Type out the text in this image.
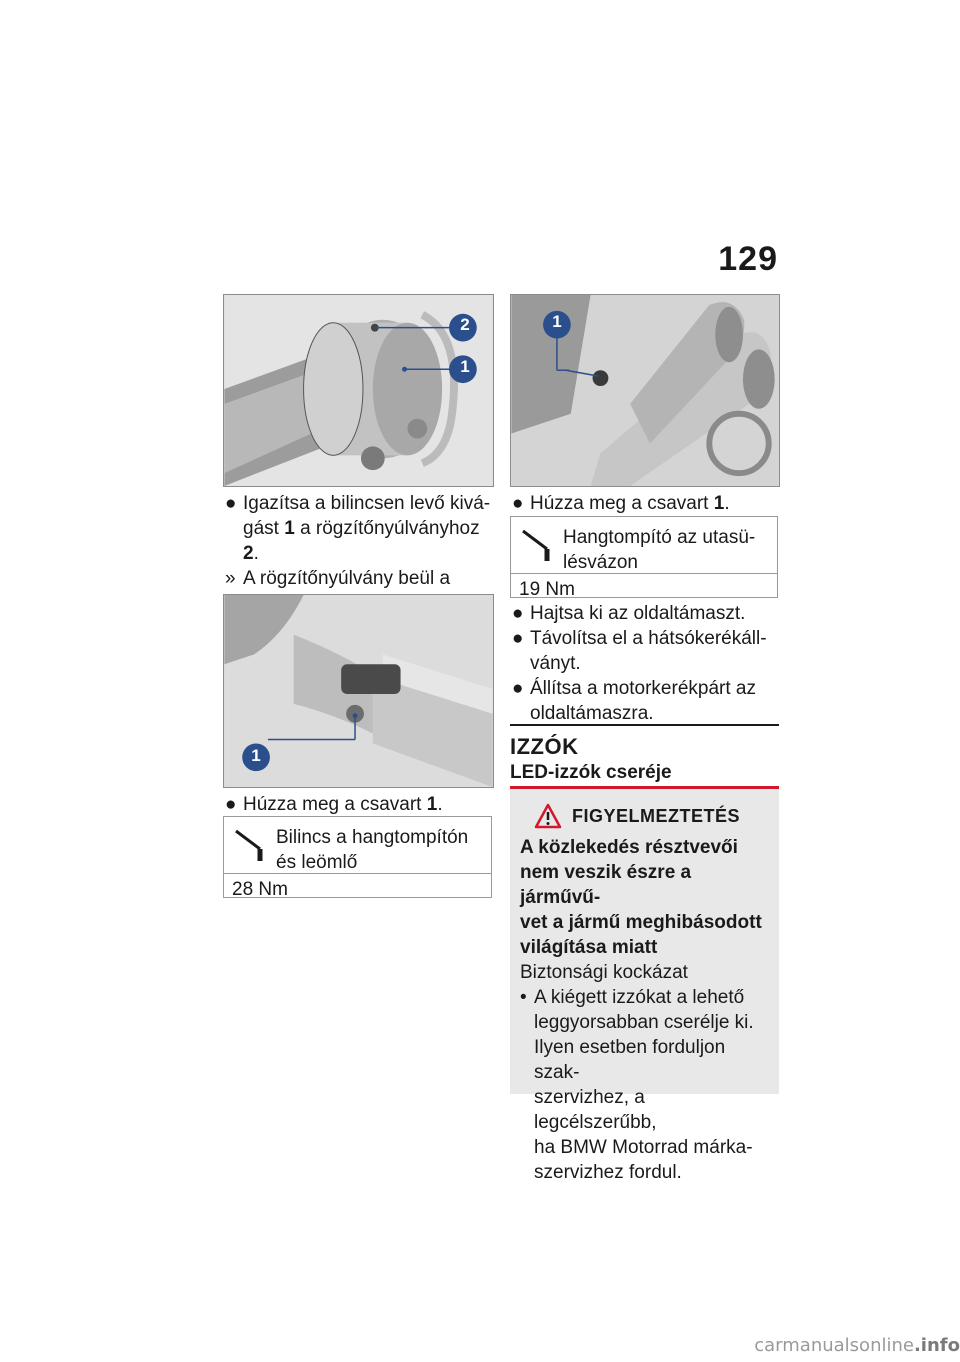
129
2
1
● Igazítsa a bilincsen levő kivá-
gást 1 a rögzítőnyúlványhoz 2.
» A rögzítőnyúlvány beül a

1
● Húzza meg a csavart 1.
Bilincs a hangtompítón
és leömlő
28 Nm
1
● Húzza meg a csavart 1.
Hangtompító az utasü-
lésvázon
19 Nm
● Hajtsa ki az oldaltámaszt.
● Távolítsa el a hátsókerékáll-
ványt.
● Állítsa a motorkerékpárt az
oldaltámaszra.
IZZÓK
LED-izzók cseréje
FIGYELMEZTETÉS
A közlekedés résztvevői
nem veszik észre a járművű-
vet a jármű meghibásodott
világítása miatt
Biztonsági kockázat
• A kiégett izzókat a lehető
leggyorsabban cserélje ki.
Ilyen esetben forduljon szak-
szervizhez, a legcélszerűbb,
ha BMW Motorrad márka-
szervizhez fordul.
carmanualsonline.info
